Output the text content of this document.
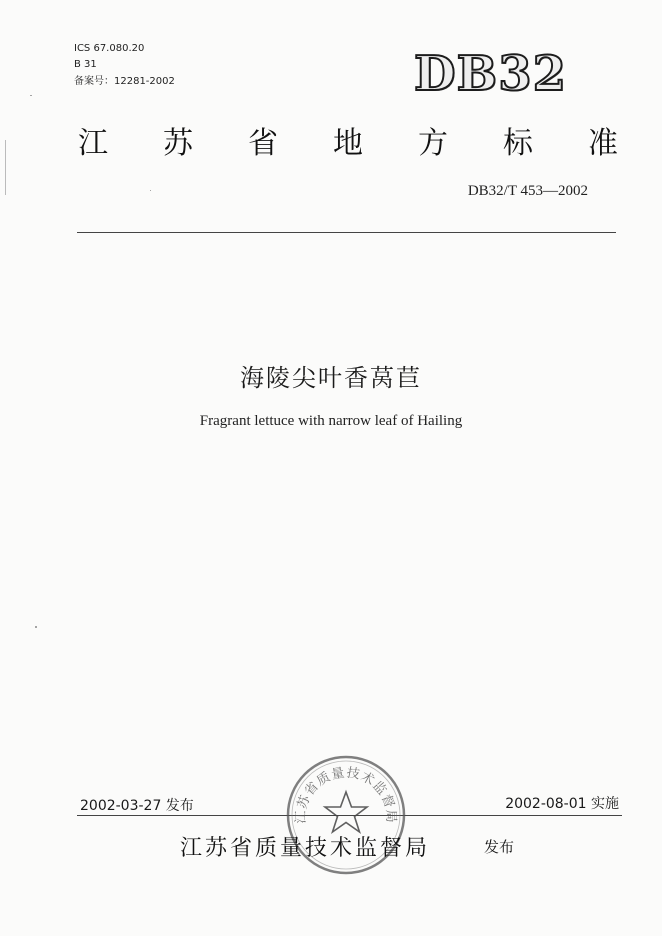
ICS 67.080.20
B 31
备案号：12281-2002	DB32
江 苏 省 地 方 标 准
DB32/T 453—2002
海陵尖叶香莴苣
Fragrant lettuce with narrow leaf of Hailing
2002-03-27 发布	2002-08-01 实施
江苏省质量技术监督局
江苏省质量技术监督局	发布
